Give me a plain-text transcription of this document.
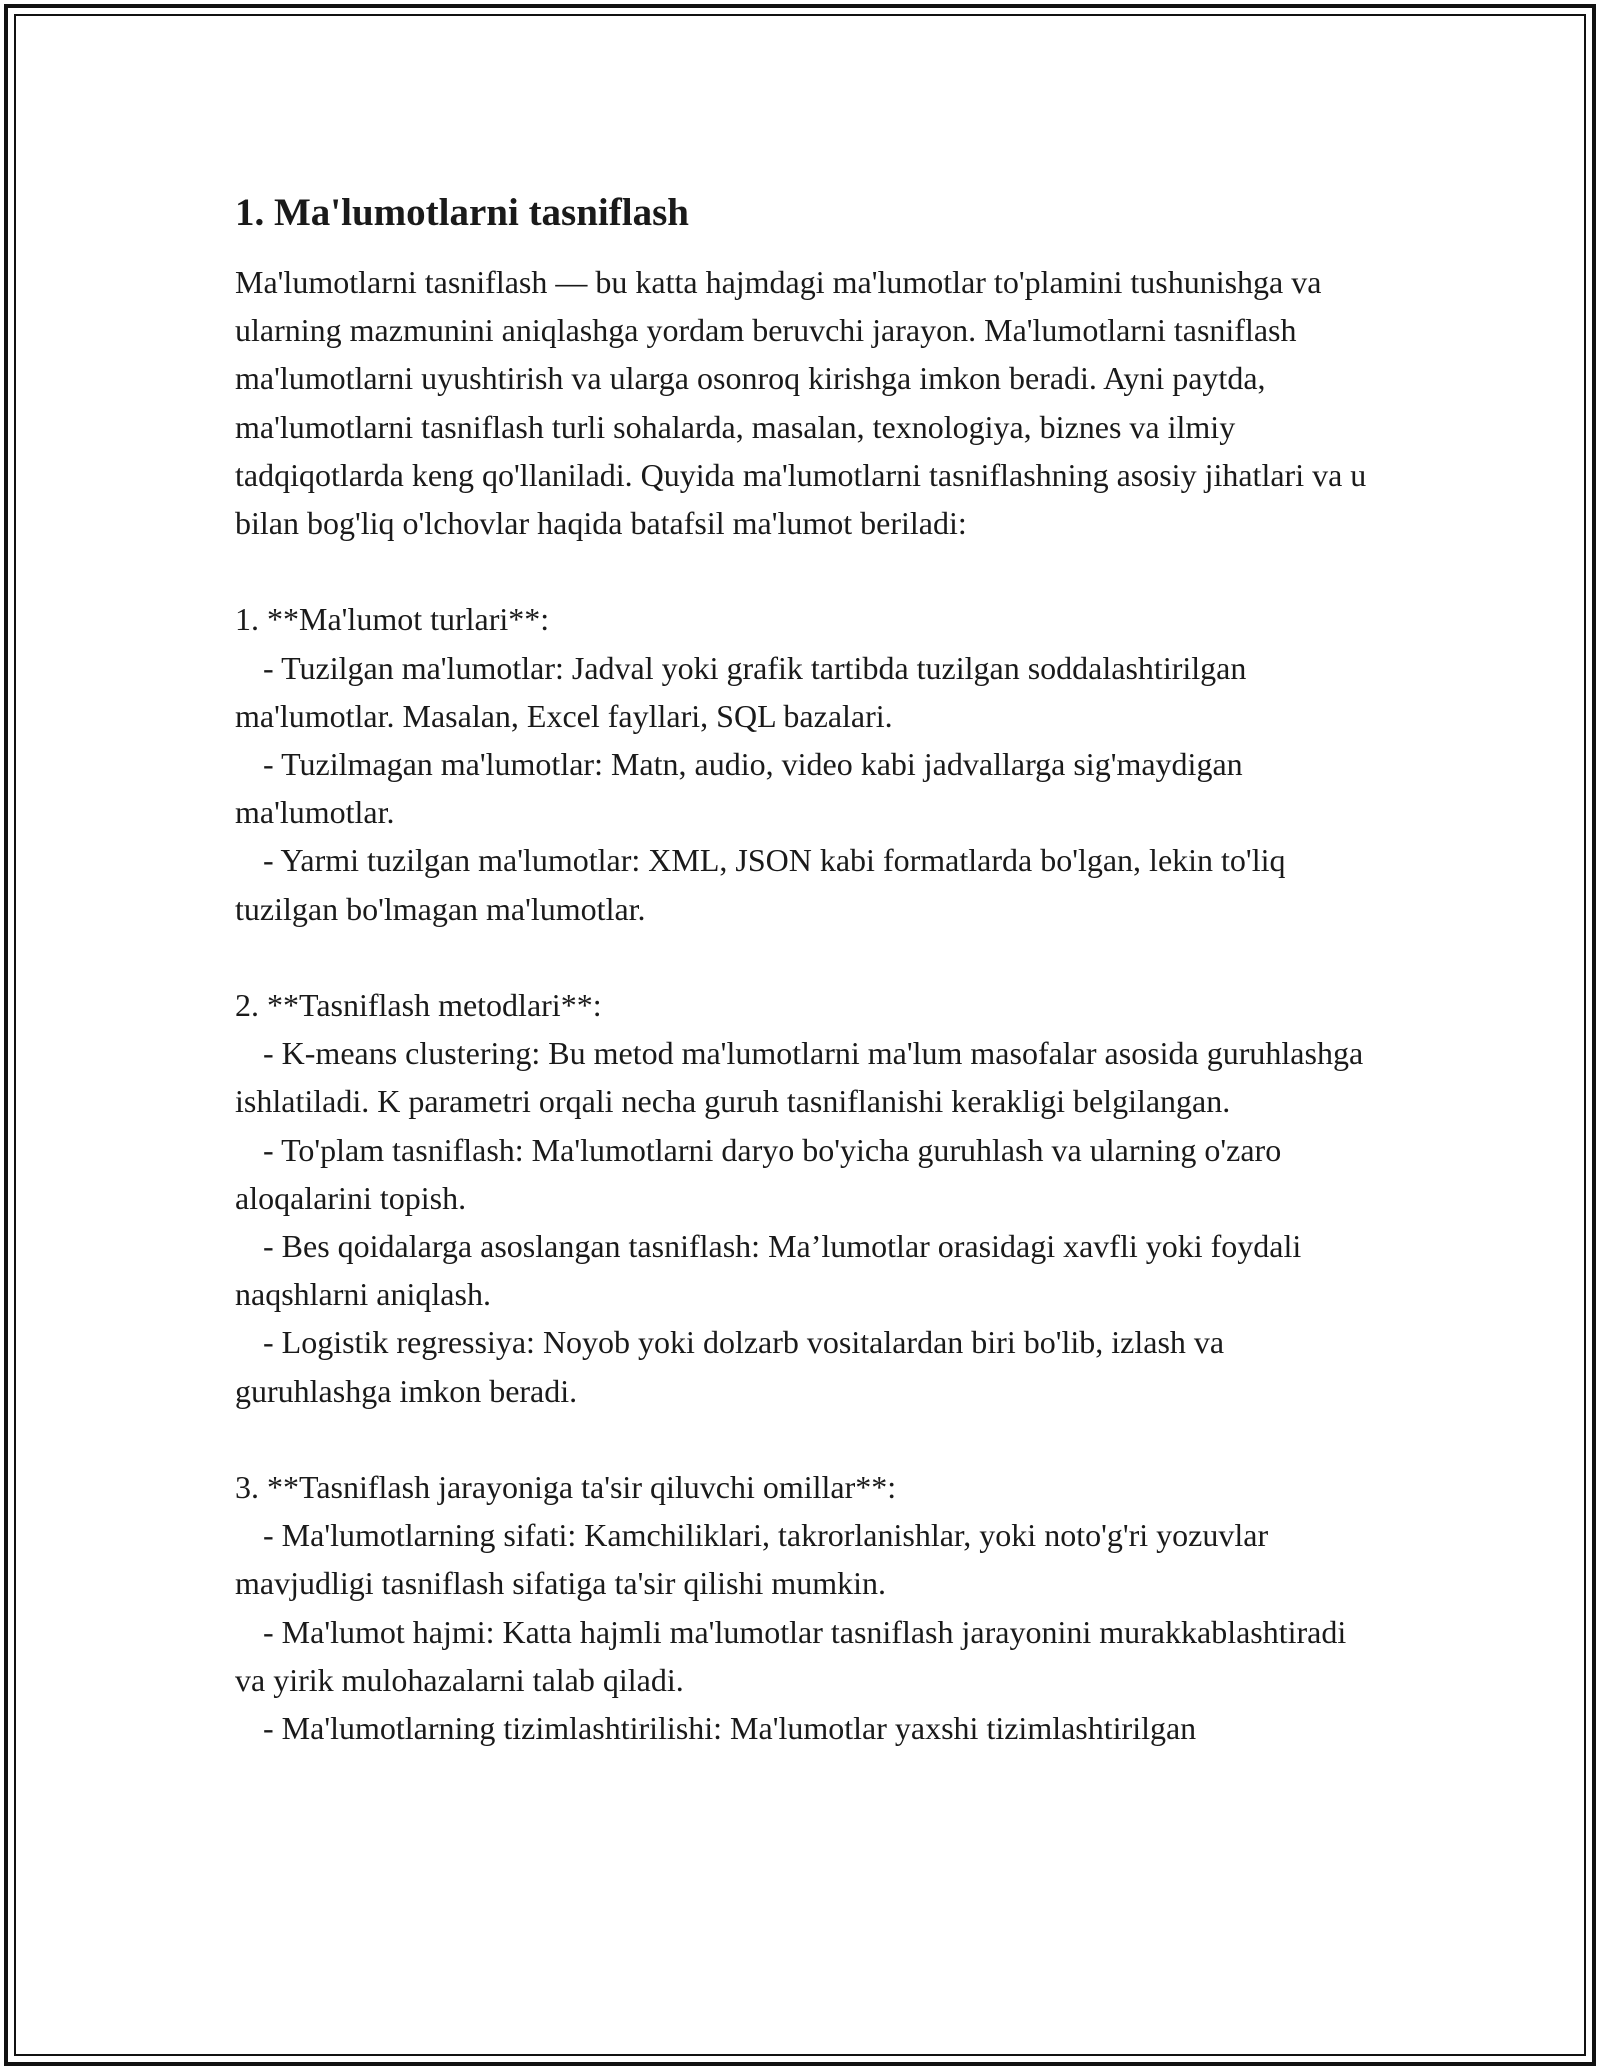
1. Ma'lumotlarni tasniflash

Ma'lumotlarni tasniflash — bu katta hajmdagi ma'lumotlar to'plamini tushunishga va ularning mazmunini aniqlashga yordam beruvchi jarayon. Ma'lumotlarni tasniflash ma'lumotlarni uyushtirish va ularga osonroq kirishga imkon beradi. Ayni paytda, ma'lumotlarni tasniflash turli sohalarda, masalan, texnologiya, biznes va ilmiy tadqiqotlarda keng qo'llaniladi. Quyida ma'lumotlarni tasniflashning asosiy jihatlari va u bilan bog'liq o'lchovlar haqida batafsil ma'lumot beriladi:

1. **Ma'lumot turlari**:
- Tuzilgan ma'lumotlar: Jadval yoki grafik tartibda tuzilgan soddalashtirilgan ma'lumotlar. Masalan, Excel fayllari, SQL bazalari.
- Tuzilmagan ma'lumotlar: Matn, audio, video kabi jadvallarga sig'maydigan ma'lumotlar.
- Yarmi tuzilgan ma'lumotlar: XML, JSON kabi formatlarda bo'lgan, lekin to'liq tuzilgan bo'lmagan ma'lumotlar.
2. **Tasniflash metodlari**:
- K-means clustering: Bu metod ma'lumotlarni ma'lum masofalar asosida guruhlashga ishlatiladi. K parametri orqali necha guruh tasniflanishi kerakligi belgilangan.
- To'plam tasniflash: Ma'lumotlarni daryo bo'yicha guruhlash va ularning o'zaro aloqalarini topish.
- Bes qoidalarga asoslangan tasniflash: Ma’lumotlar orasidagi xavfli yoki foydali naqshlarni aniqlash.
- Logistik regressiya: Noyob yoki dolzarb vositalardan biri bo'lib, izlash va guruhlashga imkon beradi.
3. **Tasniflash jarayoniga ta'sir qiluvchi omillar**:
- Ma'lumotlarning sifati: Kamchiliklari, takrorlanishlar, yoki noto'g'ri yozuvlar mavjudligi tasniflash sifatiga ta'sir qilishi mumkin.
- Ma'lumot hajmi: Katta hajmli ma'lumotlar tasniflash jarayonini murakkablashtiradi va yirik mulohazalarni talab qiladi.
- Ma'lumotlarning tizimlashtirilishi: Ma'lumotlar yaxshi tizimlashtirilgan
